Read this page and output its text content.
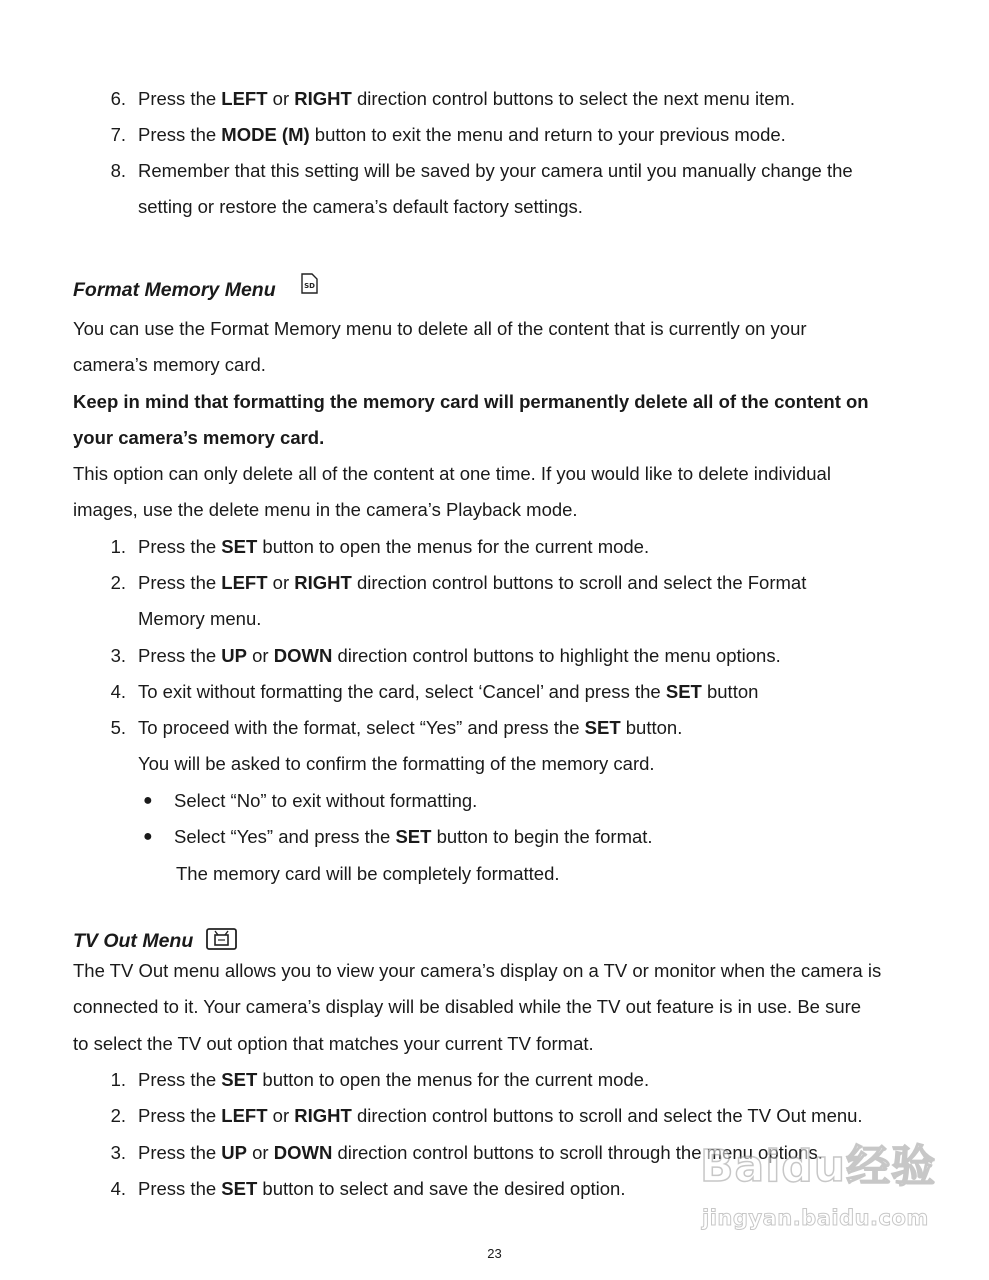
6. Press the LEFT or RIGHT direction control buttons to select the next menu item.
7. Press the MODE (M) button to exit the menu and return to your previous mode.
8. Remember that this setting will be saved by your camera until you manually change the
setting or restore the camera’s default factory settings.
Format Memory Menu	SD
You can use the Format Memory menu to delete all of the content that is currently on your
camera’s memory card.
Keep in mind that formatting the memory card will permanently delete all of the content on
your camera’s memory card.
This option can only delete all of the content at one time. If you would like to delete individual
images, use the delete menu in the camera’s Playback mode.
1. Press the SET button to open the menus for the current mode.
2. Press the LEFT or RIGHT direction control buttons to scroll and select the Format
Memory menu.
3. Press the UP or DOWN direction control buttons to highlight the menu options.
4. To exit without formatting the card, select ‘Cancel’ and press the SET button
5. To proceed with the format, select “Yes” and press the SET button.
You will be asked to confirm the formatting of the memory card.
● Select “No” to exit without formatting.
● Select “Yes” and press the SET button to begin the format.
The memory card will be completely formatted.
TV Out Menu
The TV Out menu allows you to view your camera’s display on a TV or monitor when the camera is
connected to it. Your camera’s display will be disabled while the TV out feature is in use. Be sure
to select the TV out option that matches your current TV format.
1. Press the SET button to open the menus for the current mode.
2. Press the LEFT or RIGHT direction control buttons to scroll and select the TV Out menu.
3. Press the UP or DOWN direction control buttons to scroll through the menu options.
4. Press the SET button to select and save the desired option. Baidu经验
jingyan.baidu.com
23
